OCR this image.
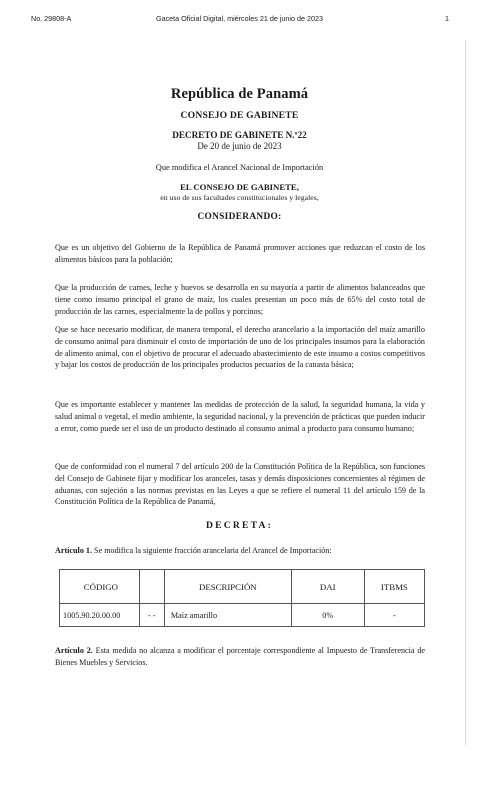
No. 29808-A	Gaceta Oficial Digital, miércoles 21 de junio de 2023	1
República de Panamá
CONSEJO DE GABINETE
DECRETO DE GABINETE N.º22
De 20 de junio de 2023
Que modifica el Arancel Nacional de Importación
EL CONSEJO DE GABINETE,
en uso de sus facultades constitucionales y legales,
CONSIDERANDO:
Que es un objetivo del Gobierno de la República de Panamá promover acciones que reduzcan el costo de los alimentos básicos para la población;
Que la producción de carnes, leche y huevos se desarrolla en su mayoría a partir de alimentos balanceados que tiene como insumo principal el grano de maíz, los cuales presentan un poco más de 65% del costo total de producción de las carnes, especialmente la de pollos y porcinos;
Que se hace necesario modificar, de manera temporal, el derecho arancelario a la importación del maíz amarillo de consumo animal para disminuir el costo de importación de uno de los principales insumos para la elaboración de alimento animal, con el objetivo de procurar el adecuado abastecimiento de este insumo a costos competitivos y bajar los costos de producción de los principales productos pecuarios de la canasta básica;
Que es importante establecer y mantener las medidas de protección de la salud, la seguridad humana, la vida y salud animal o vegetal, el medio ambiente, la seguridad nacional, y la prevención de prácticas que pueden inducir a error, como puede ser el uso de un producto destinado al consumo animal a producto para consumo humano;
Que de conformidad con el numeral 7 del artículo 200 de la Constitución Política de la República, son funciones del Consejo de Gabinete fijar y modificar los aranceles, tasas y demás disposiciones concernientes al régimen de aduanas, con sujeción a las normas previstas en las Leyes a que se refiere el numeral 11 del artículo 159 de la Constitución Política de la República de Panamá,
DECRETA:
Artículo 1. Se modifica la siguiente fracción arancelaria del Arancel de Importación:
CÓDIGO		DESCRIPCIÓN	DAI	ITBMS
1005.90.20.00.00	- -	Maíz amarillo	0%	-
Artículo 2. Esta medida no alcanza a modificar el porcentaje correspondiente al Impuesto de Transferencia de Bienes Muebles y Servicios.
